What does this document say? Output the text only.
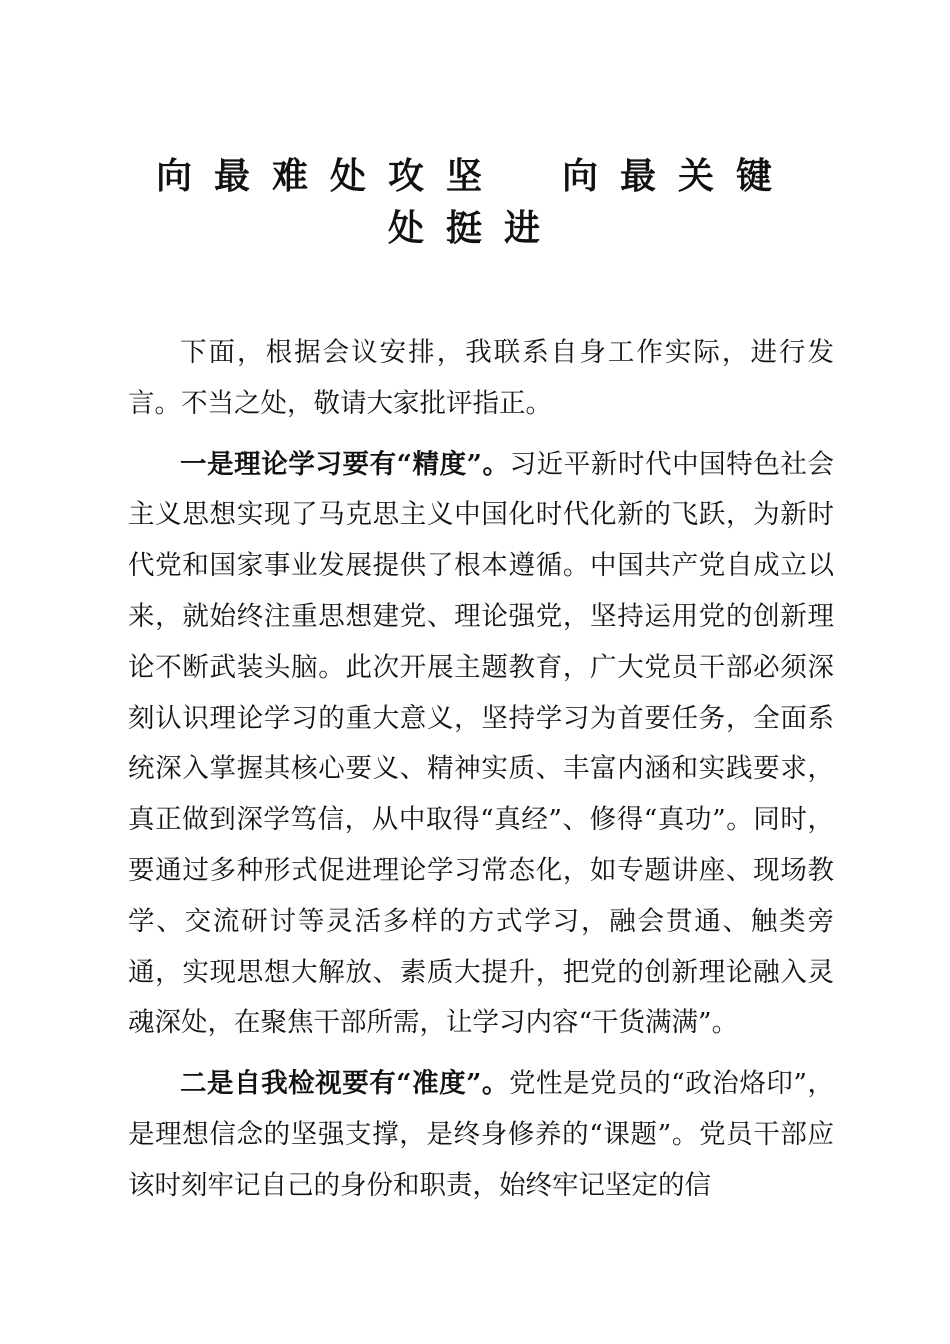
向最难处攻坚　向最关键处挺进

下面，根据会议安排，我联系自身工作实际，进行发言。不当之处，敬请大家批评指正。

一是理论学习要有“精度”。习近平新时代中国特色社会主义思想实现了马克思主义中国化时代化新的飞跃，为新时代党和国家事业发展提供了根本遵循。中国共产党自成立以来，就始终注重思想建党、理论强党，坚持运用党的创新理论不断武装头脑。此次开展主题教育，广大党员干部必须深刻认识理论学习的重大意义，坚持学习为首要任务，全面系统深入掌握其核心要义、精神实质、丰富内涵和实践要求，真正做到深学笃信，从中取得“真经”、修得“真功”。同时，要通过多种形式促进理论学习常态化，如专题讲座、现场教学、交流研讨等灵活多样的方式学习，融会贯通、触类旁通，实现思想大解放、素质大提升，把党的创新理论融入灵魂深处，在聚焦干部所需，让学习内容“干货满满”。

二是自我检视要有“准度”。党性是党员的“政治烙印”，是理想信念的坚强支撑，是终身修养的“课题”。党员干部应该时刻牢记自己的身份和职责，始终牢记坚定的信
